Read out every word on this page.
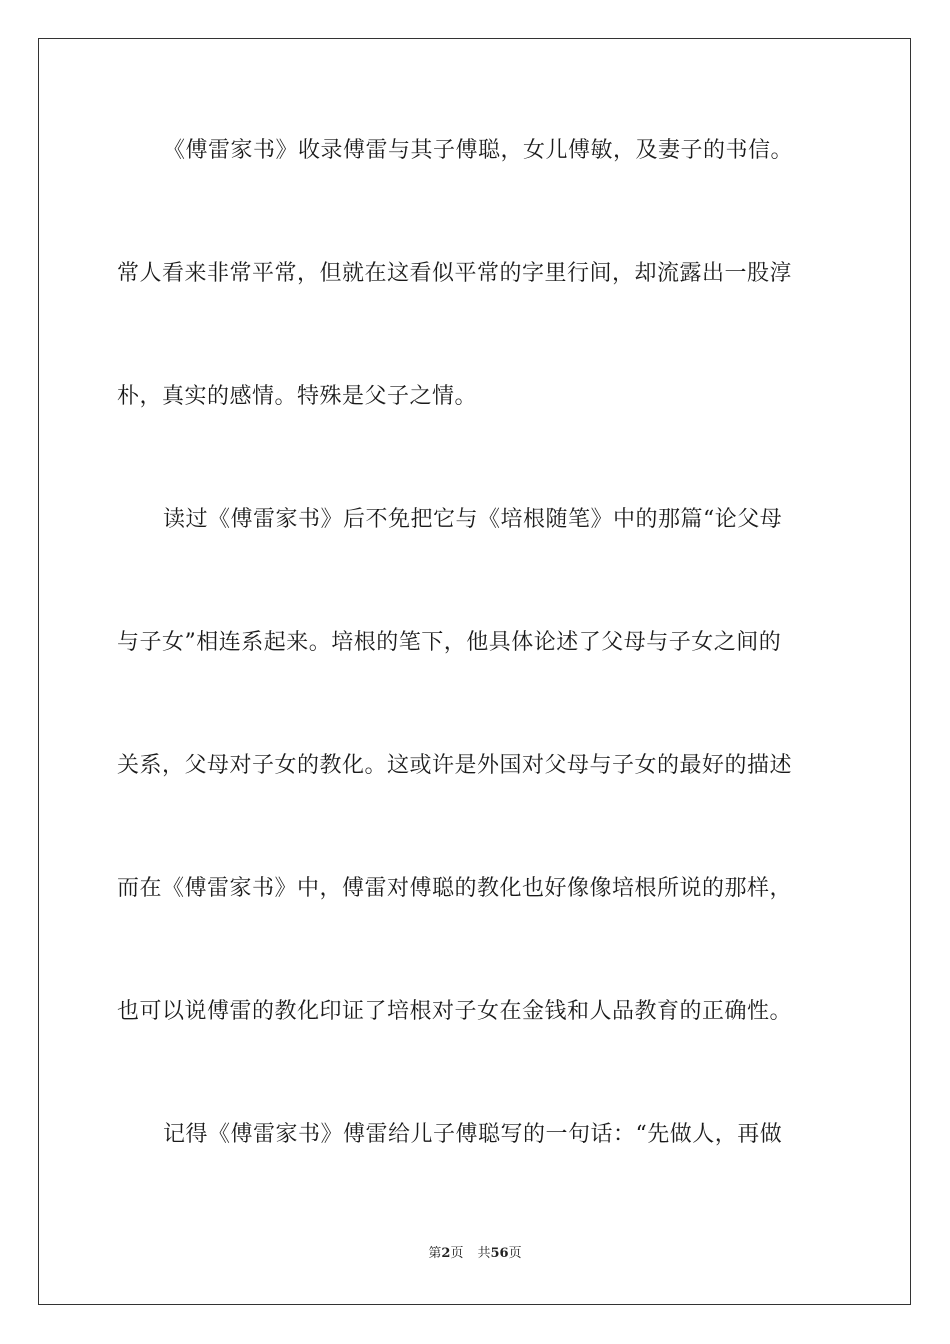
《傅雷家书》收录傅雷与其子傅聪，女儿傅敏，及妻子的书信。
常人看来非常平常，但就在这看似平常的字里行间，却流露出一股淳
朴，真实的感情。特殊是父子之情。
读过《傅雷家书》后不免把它与《培根随笔》中的那篇“论父母
与子女”相连系起来。培根的笔下，他具体论述了父母与子女之间的
关系，父母对子女的教化。这或许是外国对父母与子女的最好的描述
而在《傅雷家书》中，傅雷对傅聪的教化也好像像培根所说的那样，
也可以说傅雷的教化印证了培根对子女在金钱和人品教育的正确性。
记得《傅雷家书》傅雷给儿子傅聪写的一句话：“先做人，再做
第2页 共56页
